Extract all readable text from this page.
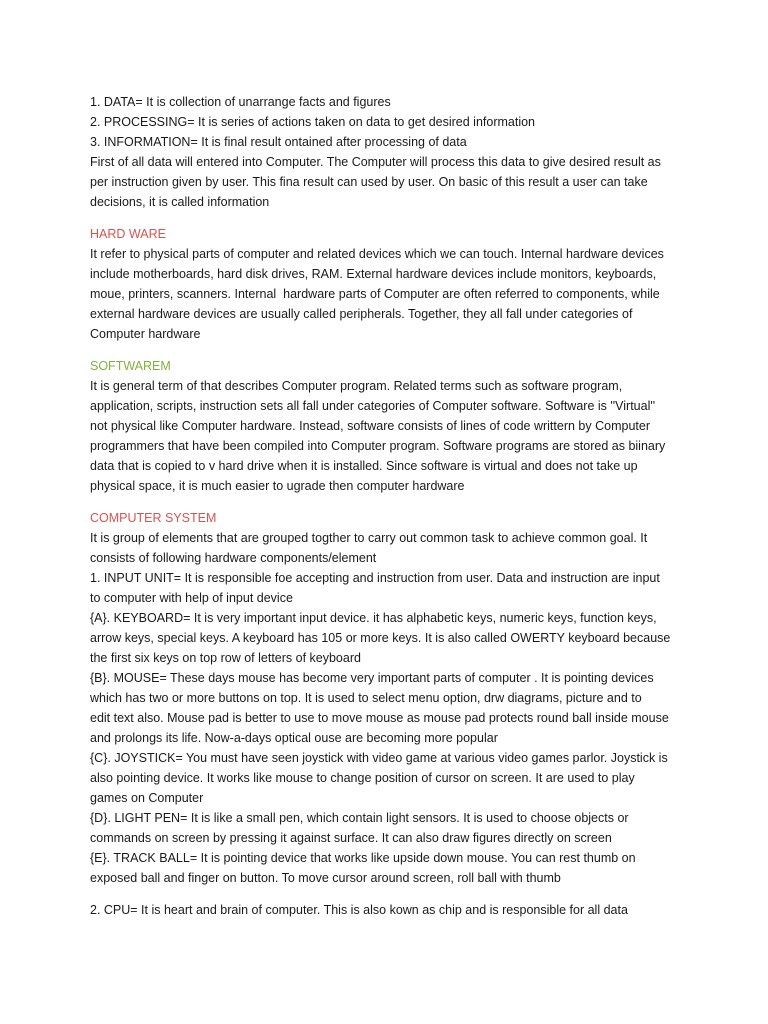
1. DATA= It is collection of unarrange facts and figures
2. PROCESSING= It is series of actions taken on data to get desired information
3. INFORMATION= It is final result ontained after processing of data
First of all data will entered into Computer. The Computer will process this data to give desired result as
per instruction given by user. This fina result can used by user. On basic of this result a user can take
decisions, it is called information
HARD WARE
It refer to physical parts of computer and related devices which we can touch. Internal hardware devices
include motherboards, hard disk drives, RAM. External hardware devices include monitors, keyboards,
moue, printers, scanners. Internal  hardware parts of Computer are often referred to components, while
external hardware devices are usually called peripherals. Together, they all fall under categories of
Computer hardware
SOFTWAREM
It is general term of that describes Computer program. Related terms such as software program,
application, scripts, instruction sets all fall under categories of Computer software. Software is ''Virtual''
not physical like Computer hardware. Instead, software consists of lines of code writtern by Computer
programmers that have been compiled into Computer program. Software programs are stored as biinary
data that is copied to v hard drive when it is installed. Since software is virtual and does not take up
physical space, it is much easier to ugrade then computer hardware
COMPUTER SYSTEM
It is group of elements that are grouped togther to carry out common task to achieve common goal. It
consists of following hardware components/element
1. INPUT UNIT= It is responsible foe accepting and instruction from user. Data and instruction are input
to computer with help of input device
{A}. KEYBOARD= It is very important input device. it has alphabetic keys, numeric keys, function keys,
arrow keys, special keys. A keyboard has 105 or more keys. It is also called OWERTY keyboard because
the first six keys on top row of letters of keyboard
{B}. MOUSE= These days mouse has become very important parts of computer . It is pointing devices
which has two or more buttons on top. It is used to select menu option, drw diagrams, picture and to
edit text also. Mouse pad is better to use to move mouse as mouse pad protects round ball inside mouse
and prolongs its life. Now-a-days optical ouse are becoming more popular
{C}. JOYSTICK= You must have seen joystick with video game at various video games parlor. Joystick is
also pointing device. It works like mouse to change position of cursor on screen. It are used to play
games on Computer
{D}. LIGHT PEN= It is like a small pen, which contain light sensors. It is used to choose objects or
commands on screen by pressing it against surface. It can also draw figures directly on screen
{E}. TRACK BALL= It is pointing device that works like upside down mouse. You can rest thumb on
exposed ball and finger on button. To move cursor around screen, roll ball with thumb
2. CPU= It is heart and brain of computer. This is also kown as chip and is responsible for all data
